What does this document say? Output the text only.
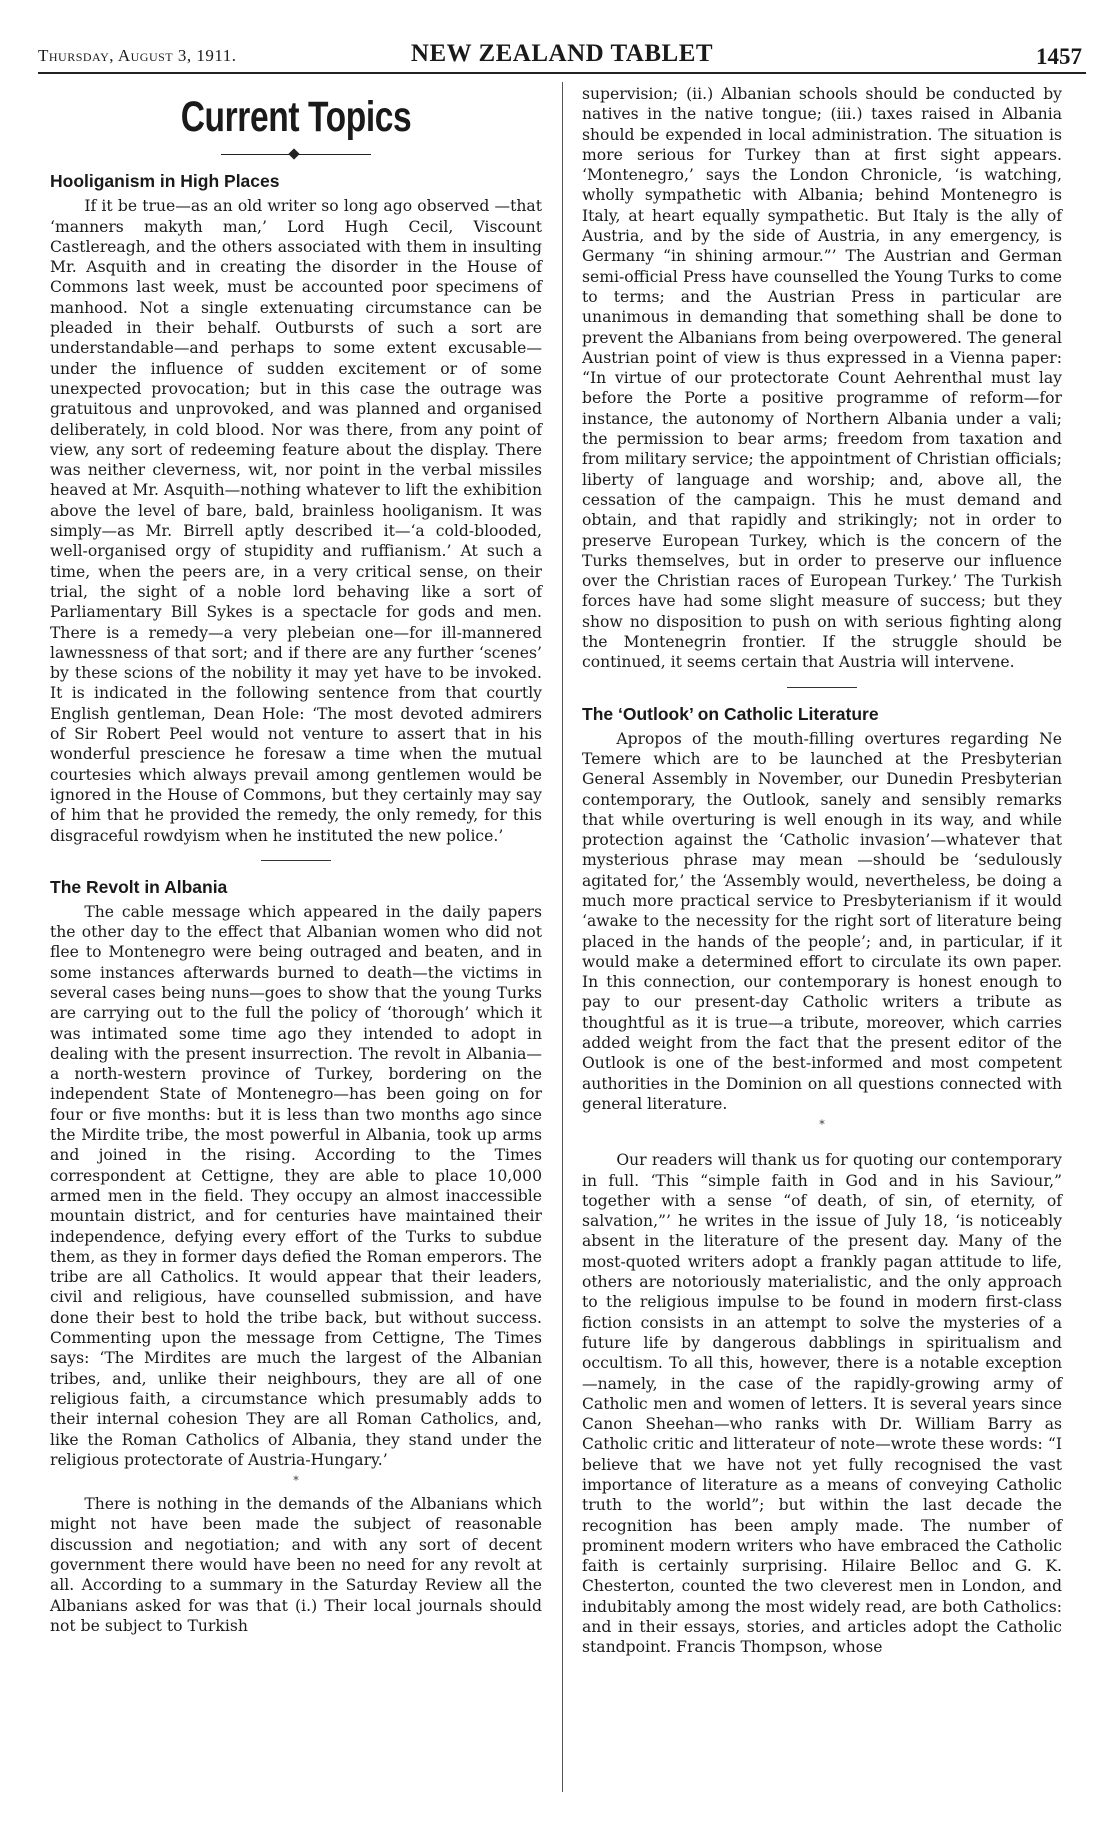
Thursday, August 3, 1911.	NEW ZEALAND TABLET	1457
Current Topics
Hooliganism in High Places

If it be true—as an old writer so long ago observed —that ‘manners makyth man,’ Lord Hugh Cecil, Viscount Castlereagh, and the others associated with them in insulting Mr. Asquith and in creating the disorder in the House of Commons last week, must be accounted poor specimens of manhood. Not a single extenuating circumstance can be pleaded in their behalf. Outbursts of such a sort are understandable—and perhaps to some extent excusable—under the influence of sudden excitement or of some unexpected provocation; but in this case the outrage was gratuitous and unprovoked, and was planned and organised deliberately, in cold blood. Nor was there, from any point of view, any sort of redeeming feature about the display. There was neither cleverness, wit, nor point in the verbal missiles heaved at Mr. Asquith—nothing whatever to lift the exhibition above the level of bare, bald, brainless hooliganism. It was simply—as Mr. Birrell aptly described it—‘a cold-blooded, well-organised orgy of stupidity and ruffianism.’ At such a time, when the peers are, in a very critical sense, on their trial, the sight of a noble lord behaving like a sort of Parliamentary Bill Sykes is a spectacle for gods and men. There is a remedy—a very plebeian one—for ill-mannered lawnessness of that sort; and if there are any further ‘scenes’ by these scions of the nobility it may yet have to be invoked. It is indicated in the following sentence from that courtly English gentleman, Dean Hole: ‘The most devoted admirers of Sir Robert Peel would not venture to assert that in his wonderful prescience he foresaw a time when the mutual courtesies which always prevail among gentlemen would be ignored in the House of Commons, but they certainly may say of him that he provided the remedy, the only remedy, for this disgraceful rowdyism when he instituted the new police.’

The Revolt in Albania

The cable message which appeared in the daily papers the other day to the effect that Albanian women who did not flee to Montenegro were being outraged and beaten, and in some instances afterwards burned to death—the victims in several cases being nuns—goes to show that the young Turks are carrying out to the full the policy of ‘thorough’ which it was intimated some time ago they intended to adopt in dealing with the present insurrection. The revolt in Albania—a north-western province of Turkey, bordering on the independent State of Montenegro—has been going on for four or five months: but it is less than two months ago since the Mirdite tribe, the most powerful in Albania, took up arms and joined in the rising. According to the Times correspondent at Cettigne, they are able to place 10,000 armed men in the field. They occupy an almost inaccessible mountain district, and for centuries have maintained their independence, defying every effort of the Turks to subdue them, as they in former days defied the Roman emperors. The tribe are all Catholics. It would appear that their leaders, civil and religious, have counselled submission, and have done their best to hold the tribe back, but without success. Commenting upon the message from Cettigne, The Times says: ‘The Mirdites are much the largest of the Albanian tribes, and, unlike their neighbours, they are all of one religious faith, a circumstance which presumably adds to their internal cohesion They are all Roman Catholics, and, like the Roman Catholics of Albania, they stand under the religious protectorate of Austria-Hungary.’

*

There is nothing in the demands of the Albanians which might not have been made the subject of reasonable discussion and negotiation; and with any sort of decent government there would have been no need for any revolt at all. According to a summary in the Saturday Review all the Albanians asked for was that (i.) Their local journals should not be subject to Turkish

supervision; (ii.) Albanian schools should be conducted by natives in the native tongue; (iii.) taxes raised in Albania should be expended in local administration. The situation is more serious for Turkey than at first sight appears. ‘Montenegro,’ says the London Chronicle, ‘is watching, wholly sympathetic with Albania; behind Montenegro is Italy, at heart equally sympathetic. But Italy is the ally of Austria, and by the side of Austria, in any emergency, is Germany “in shining armour.”’ The Austrian and German semi-official Press have counselled the Young Turks to come to terms; and the Austrian Press in particular are unanimous in demanding that something shall be done to prevent the Albanians from being overpowered. The general Austrian point of view is thus expressed in a Vienna paper: “In virtue of our protectorate Count Aehrenthal must lay before the Porte a positive programme of reform—for instance, the autonomy of Northern Albania under a vali; the permission to bear arms; freedom from taxation and from military service; the appointment of Christian officials; liberty of language and worship; and, above all, the cessation of the campaign. This he must demand and obtain, and that rapidly and strikingly; not in order to preserve European Turkey, which is the concern of the Turks themselves, but in order to preserve our influence over the Christian races of European Turkey.’ The Turkish forces have had some slight measure of success; but they show no disposition to push on with serious fighting along the Montenegrin frontier. If the struggle should be continued, it seems certain that Austria will intervene.

The ‘Outlook’ on Catholic Literature

Apropos of the mouth-filling overtures regarding Ne Temere which are to be launched at the Presbyterian General Assembly in November, our Dunedin Presbyterian contemporary, the Outlook, sanely and sensibly remarks that while overturing is well enough in its way, and while protection against the ‘Catholic invasion’—whatever that mysterious phrase may mean —should be ‘sedulously agitated for,’ the ‘Assembly would, nevertheless, be doing a much more practical service to Presbyterianism if it would ‘awake to the necessity for the right sort of literature being placed in the hands of the people’; and, in particular, if it would make a determined effort to circulate its own paper. In this connection, our contemporary is honest enough to pay to our present-day Catholic writers a tribute as thoughtful as it is true—a tribute, moreover, which carries added weight from the fact that the present editor of the Outlook is one of the best-informed and most competent authorities in the Dominion on all questions connected with general literature.

*

Our readers will thank us for quoting our contemporary in full. ‘This “simple faith in God and in his Saviour,” together with a sense “of death, of sin, of eternity, of salvation,”’ he writes in the issue of July 18, ‘is noticeably absent in the literature of the present day. Many of the most-quoted writers adopt a frankly pagan attitude to life, others are notoriously materialistic, and the only approach to the religious impulse to be found in modern first-class fiction consists in an attempt to solve the mysteries of a future life by dangerous dabblings in spiritualism and occultism. To all this, however, there is a notable exception—namely, in the case of the rapidly-growing army of Catholic men and women of letters. It is several years since Canon Sheehan—who ranks with Dr. William Barry as Catholic critic and litterateur of note—wrote these words: “I believe that we have not yet fully recognised the vast importance of literature as a means of conveying Catholic truth to the world”; but within the last decade the recognition has been amply made. The number of prominent modern writers who have embraced the Catholic faith is certainly surprising. Hilaire Belloc and G. K. Chesterton, counted the two cleverest men in London, and indubitably among the most widely read, are both Catholics: and in their essays, stories, and articles adopt the Catholic standpoint. Francis Thompson, whose
